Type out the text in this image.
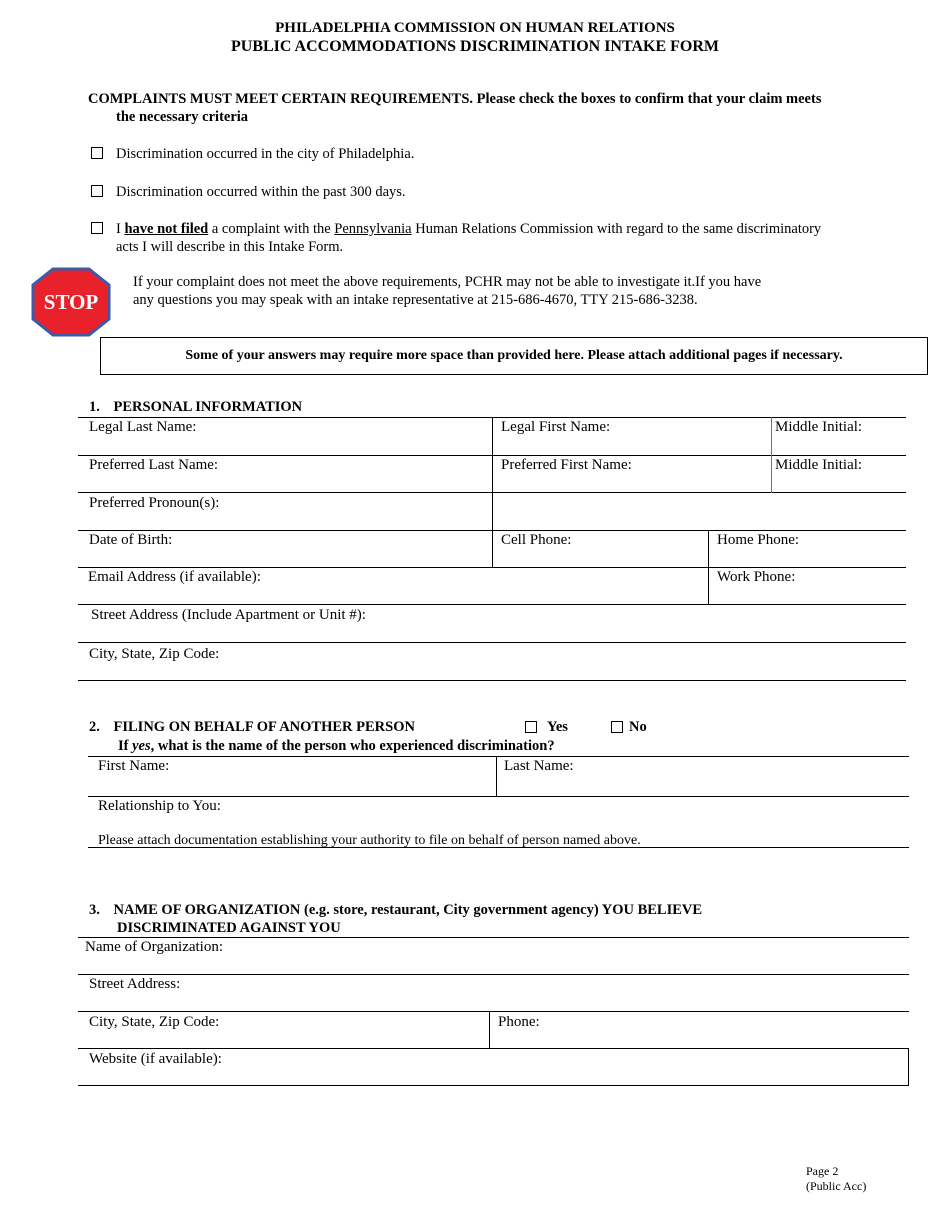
PHILADELPHIA COMMISSION ON HUMAN RELATIONS
PUBLIC ACCOMMODATIONS DISCRIMINATION INTAKE FORM
COMPLAINTS MUST MEET CERTAIN REQUIREMENTS. Please check the boxes to confirm that your claim meets
the necessary criteria
Discrimination occurred in the city of Philadelphia.
Discrimination occurred within the past 300 days.
I have not filed a complaint with the Pennsylvania Human Relations Commission with regard to the same discriminatory
acts I will describe in this Intake Form.
STOP
If your complaint does not meet the above requirements, PCHR may not be able to investigate it.If you have
any questions you may speak with an intake representative at 215-686-4670, TTY 215-686-3238.
Some of your answers may require more space than provided here. Please attach additional pages if necessary.
1. PERSONAL INFORMATION
Legal Last Name:	Legal First Name:	Middle Initial:
Preferred Last Name:	Preferred First Name:	Middle Initial:
Preferred Pronoun(s):
Date of Birth:	Cell Phone:	Home Phone:
Email Address (if available):	Work Phone:
Street Address (Include Apartment or Unit #):
City, State, Zip Code:
2. FILING ON BEHALF OF ANOTHER PERSON	Yes	No
If yes, what is the name of the person who experienced discrimination?
First Name:	Last Name:
Relationship to You:
Please attach documentation establishing your authority to file on behalf of person named above.
3. NAME OF ORGANIZATION (e.g. store, restaurant, City government agency) YOU BELIEVE
DISCRIMINATED AGAINST YOU
Name of Organization:
Street Address:
City, State, Zip Code:	Phone:
Website (if available):
Page 2
(Public Acc)
